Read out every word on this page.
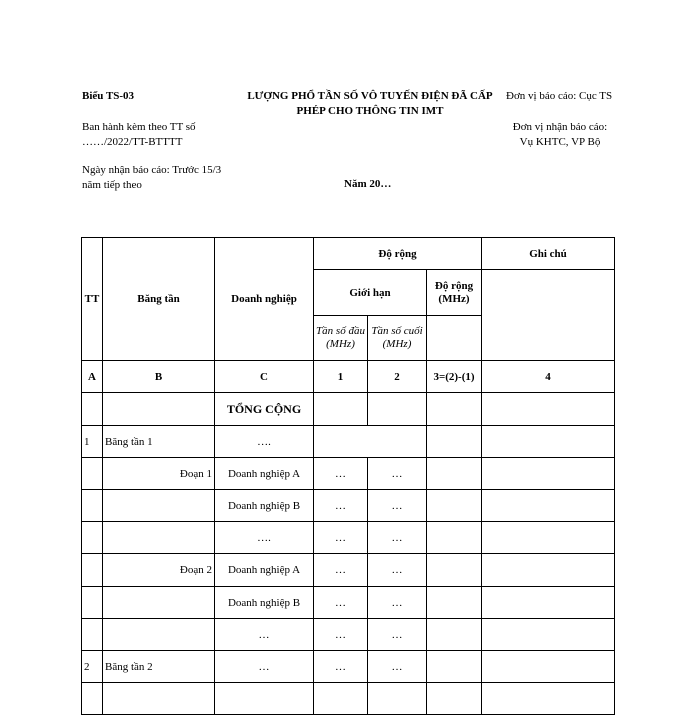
Biểu TS-03	LƯỢNG PHỔ TẦN SỐ VÔ TUYẾN ĐIỆN ĐÃ CẤP
PHÉP CHO THÔNG TIN IMT
Đơn vị báo cáo: Cục TS
Ban hành kèm theo TT số
……/2022/TT-BTTTT
Đơn vị nhận báo cáo:
Vụ KHTC, VP Bộ
Ngày nhận báo cáo: Trước 15/3
năm tiếp theo	Năm 20…
TT	Băng tần	Doanh nghiệp	Độ rộng			Ghi chú
			Giới hạn		Độ rộng (MHz)	
			Tần số đầu (MHz)	Tần số cuối (MHz)		
A	B	C	1	2	3=(2)-(1)	4
		TỔNG CỘNG				
1	Băng tần 1	….				
	Đoạn 1	Doanh nghiệp A	…	…		
		Doanh nghiệp B	…	…		
		….	…	…		
	Đoạn 2	Doanh nghiệp A	…	…		
		Doanh nghiệp B	…	…		
		…	…	…		
2	Băng tần 2	…	…	…		
